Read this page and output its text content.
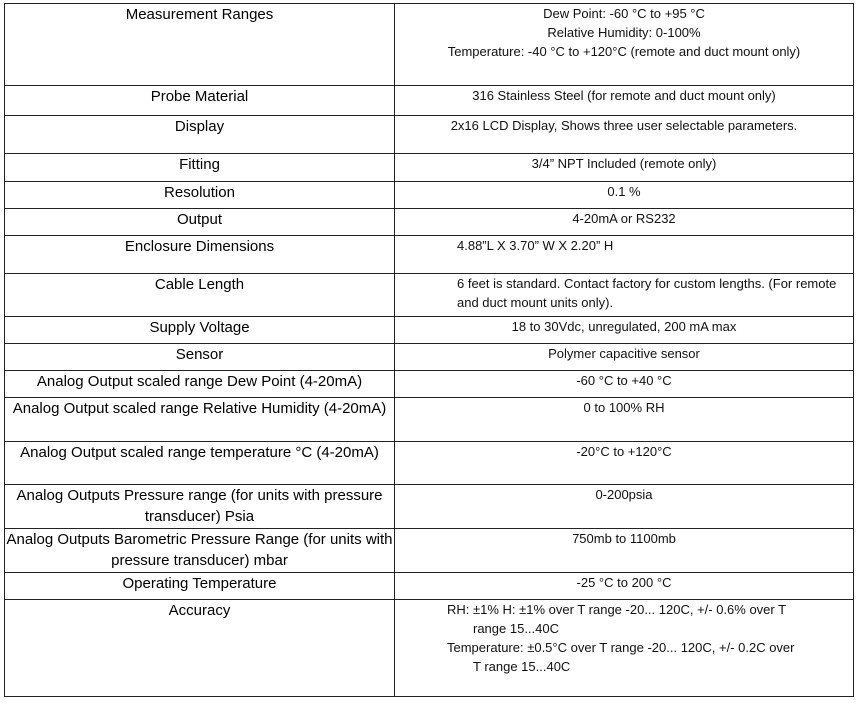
Measurement Ranges	Dew Point: -60 °C to +95 °C
Relative Humidity: 0-100%
Temperature: -40 °C to +120°C (remote and duct mount only)

Probe Material	316 Stainless Steel (for remote and duct mount only)
Display	2x16 LCD Display, Shows three user selectable parameters.
Fitting	3/4” NPT Included (remote only)
Resolution	0.1 %
Output	4-20mA or RS232
Enclosure Dimensions	4.88”L X 3.70” W X 2.20” H
Cable Length	6 feet is standard. Contact factory for custom lengths. (For remote and duct mount units only).
Supply Voltage	18 to 30Vdc, unregulated, 200 mA max
Sensor	Polymer capacitive sensor
Analog Output scaled range Dew Point (4-20mA)	-60 °C to +40 °C
Analog Output scaled range Relative Humidity (4-20mA)	0 to 100% RH
Analog Output scaled range temperature °C (4-20mA)	-20°C to +120°C
Analog Outputs Pressure range (for units with pressure transducer) Psia	0-200psia
Analog Outputs Barometric Pressure Range (for units with pressure transducer) mbar	750mb to 1100mb
Operating Temperature	-25 °C to 200 °C
Accuracy	RH: ±1% H: ±1% over T range -20... 120C, +/- 0.6% over T
range 15...40C
Temperature: ±0.5°C over T range -20... 120C, +/- 0.2C over
T range 15...40C
